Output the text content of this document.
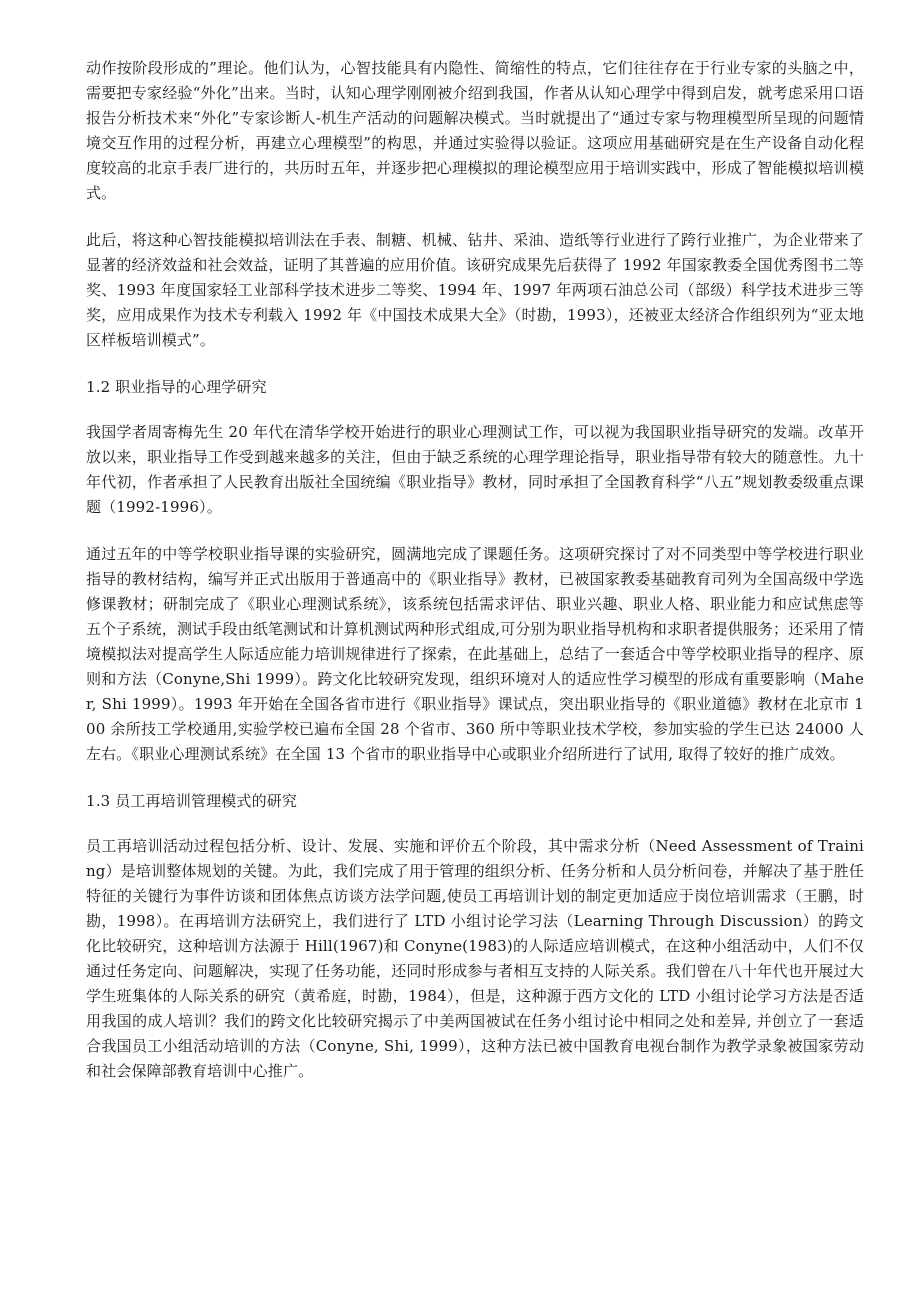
动作按阶段形成的”理论。他们认为，心智技能具有内隐性、简缩性的特点，它们往往存在于行业专家的头脑之中，需要把专家经验“外化”出来。当时，认知心理学刚刚被介绍到我国，作者从认知心理学中得到启发，就考虑采用口语报告分析技术来“外化”专家诊断人-机生产活动的问题解决模式。当时就提出了“通过专家与物理模型所呈现的问题情境交互作用的过程分析，再建立心理模型”的构思，并通过实验得以验证。这项应用基础研究是在生产设备自动化程度较高的北京手表厂进行的，共历时五年，并逐步把心理模拟的理论模型应用于培训实践中，形成了智能模拟培训模式。

此后，将这种心智技能模拟培训法在手表、制糖、机械、钻井、采油、造纸等行业进行了跨行业推广，为企业带来了显著的经济效益和社会效益，证明了其普遍的应用价值。该研究成果先后获得了 1992 年国家教委全国优秀图书二等奖、1993 年度国家轻工业部科学技术进步二等奖、1994 年、1997 年两项石油总公司（部级）科学技术进步三等奖，应用成果作为技术专利载入 1992 年《中国技术成果大全》（时勘，1993），还被亚太经济合作组织列为“亚太地区样板培训模式”。

1.2 职业指导的心理学研究

我国学者周寄梅先生 20 年代在清华学校开始进行的职业心理测试工作，可以视为我国职业指导研究的发端。改革开放以来，职业指导工作受到越来越多的关注，但由于缺乏系统的心理学理论指导，职业指导带有较大的随意性。九十年代初，作者承担了人民教育出版社全国统编《职业指导》教材，同时承担了全国教育科学“八五”规划教委级重点课题（1992-1996）。

通过五年的中等学校职业指导课的实验研究，圆满地完成了课题任务。这项研究探讨了对不同类型中等学校进行职业指导的教材结构，编写并正式出版用于普通高中的《职业指导》教材，已被国家教委基础教育司列为全国高级中学选修课教材；研制完成了《职业心理测试系统》，该系统包括需求评估、职业兴趣、职业人格、职业能力和应试焦虑等五个子系统，测试手段由纸笔测试和计算机测试两种形式组成,可分别为职业指导机构和求职者提供服务；还采用了情境模拟法对提高学生人际适应能力培训规律进行了探索，在此基础上，总结了一套适合中等学校职业指导的程序、原则和方法（Conyne,Shi 1999）。跨文化比较研究发现，组织环境对人的适应性学习模型的形成有重要影响（Maher, Shi 1999）。1993 年开始在全国各省市进行《职业指导》课试点，突出职业指导的《职业道德》教材在北京市 100 余所技工学校通用,实验学校已遍布全国 28 个省市、360 所中等职业技术学校，参加实验的学生已达 24000 人左右。《职业心理测试系统》在全国 13 个省市的职业指导中心或职业介绍所进行了试用, 取得了较好的推广成效。

1.3 员工再培训管理模式的研究

员工再培训活动过程包括分析、设计、发展、实施和评价五个阶段，其中需求分析（Need Assessment of Training）是培训整体规划的关键。为此，我们完成了用于管理的组织分析、任务分析和人员分析问卷，并解决了基于胜任特征的关键行为事件访谈和团体焦点访谈方法学问题,使员工再培训计划的制定更加适应于岗位培训需求（王鹏，时勘，1998）。在再培训方法研究上，我们进行了 LTD 小组讨论学习法（Learning Through Discussion）的跨文化比较研究，这种培训方法源于 Hill(1967)和 Conyne(1983)的人际适应培训模式，在这种小组活动中，人们不仅通过任务定向、问题解决，实现了任务功能，还同时形成参与者相互支持的人际关系。我们曾在八十年代也开展过大学生班集体的人际关系的研究（黄希庭，时勘，1984），但是，这种源于西方文化的 LTD 小组讨论学习方法是否适用我国的成人培训？我们的跨文化比较研究揭示了中美两国被试在任务小组讨论中相同之处和差异, 并创立了一套适合我国员工小组活动培训的方法（Conyne, Shi, 1999），这种方法已被中国教育电视台制作为教学录象被国家劳动和社会保障部教育培训中心推广。
